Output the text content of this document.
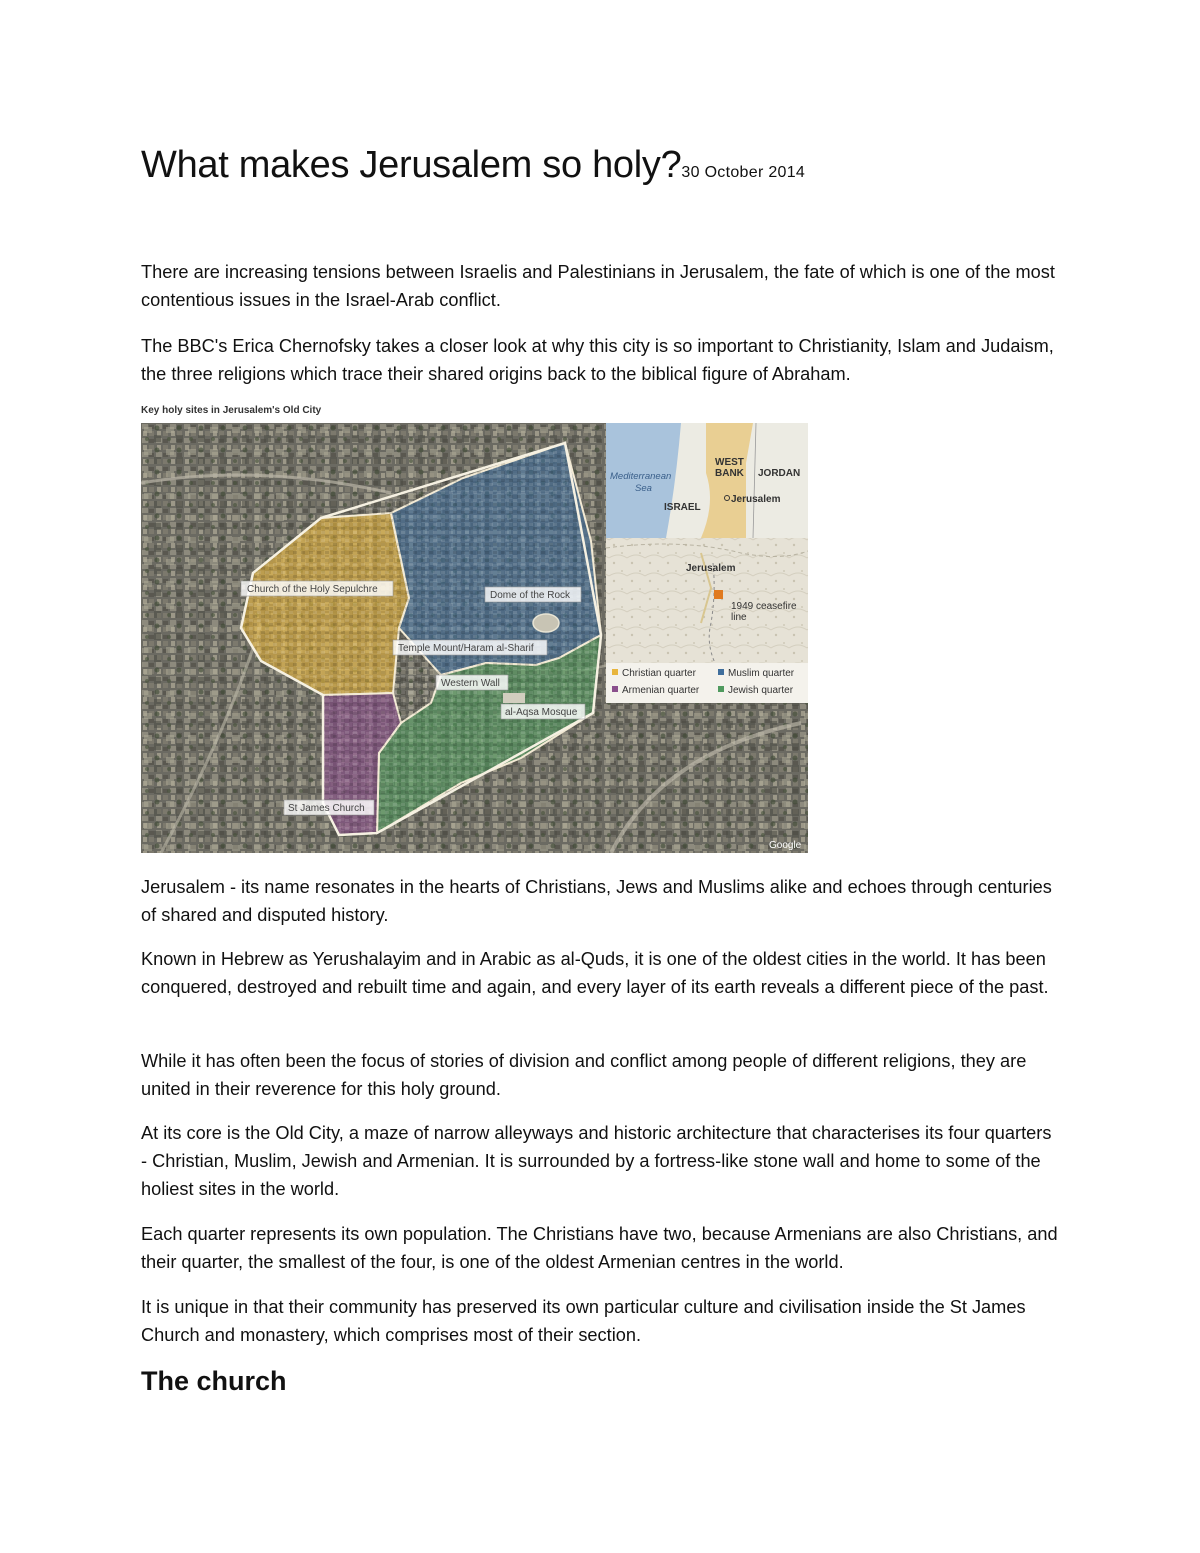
What makes Jerusalem so holy?30 October 2014

There are increasing tensions between Israelis and Palestinians in Jerusalem, the fate of which is one of the most contentious issues in the Israel-Arab conflict.

The BBC's Erica Chernofsky takes a closer look at why this city is so important to Christianity, Islam and Judaism, the three religions which trace their shared origins back to the biblical figure of Abraham.

Key holy sites in Jerusalem's Old City
Church of the Holy Sepulchre
Dome of the Rock
Temple Mount/Haram al-Sharif
Western Wall
al-Aqsa Mosque
St James Church
Mediterranean
Sea
WEST
BANK JORDAN
ISRAEL
Jerusalem
Jerusalem
1949 ceasefire
line
Christian quarter	Muslim quarter
Armenian quarter	Jewish quarter
Google

Jerusalem - its name resonates in the hearts of Christians, Jews and Muslims alike and echoes through centuries of shared and disputed history.

Known in Hebrew as Yerushalayim and in Arabic as al-Quds, it is one of the oldest cities in the world. It has been conquered, destroyed and rebuilt time and again, and every layer of its earth reveals a different piece of the past.

While it has often been the focus of stories of division and conflict among people of different religions, they are united in their reverence for this holy ground.

At its core is the Old City, a maze of narrow alleyways and historic architecture that characterises its four quarters - Christian, Muslim, Jewish and Armenian. It is surrounded by a fortress-like stone wall and home to some of the holiest sites in the world.

Each quarter represents its own population. The Christians have two, because Armenians are also Christians, and their quarter, the smallest of the four, is one of the oldest Armenian centres in the world.

It is unique in that their community has preserved its own particular culture and civilisation inside the St James Church and monastery, which comprises most of their section.

The church
